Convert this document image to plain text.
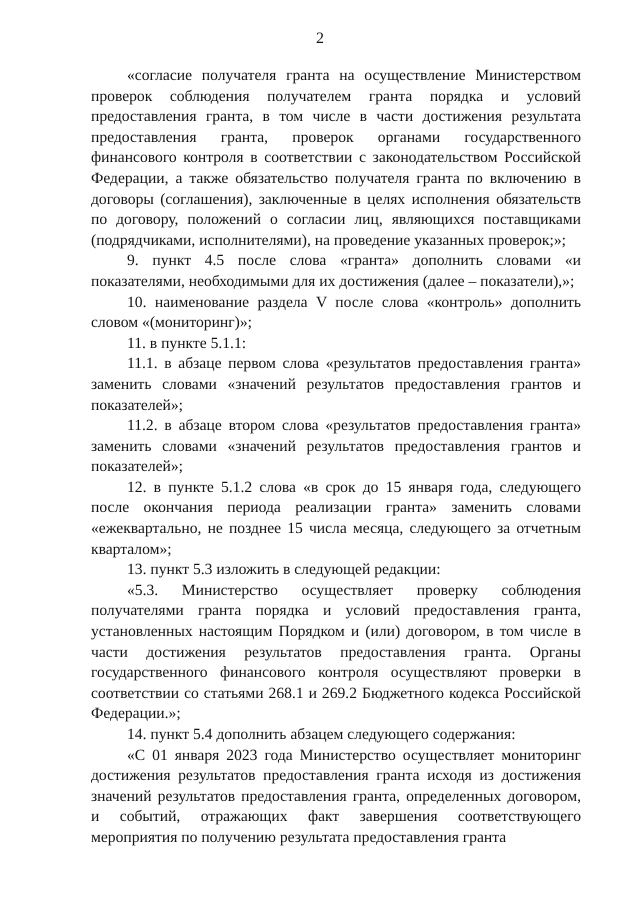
2

«согласие получателя гранта на осуществление Министерством проверок соблюдения получателем гранта порядка и условий предоставления гранта, в том числе в части достижения результата предоставления гранта, проверок органами государственного финансового контроля в соответствии с законодательством Российской Федерации, а также обязательство получателя гранта по включению в договоры (соглашения), заключенные в целях исполнения обязательств по договору, положений о согласии лиц, являющихся поставщиками (подрядчиками, исполнителями), на проведение указанных проверок;»;

9. пункт 4.5 после слова «гранта» дополнить словами «и показателями, необходимыми для их достижения (далее – показатели),»;

10. наименование раздела V после слова «контроль» дополнить словом «(мониторинг)»;

11. в пункте 5.1.1:

11.1. в абзаце первом слова «результатов предоставления гранта» заменить словами «значений результатов предоставления грантов и показателей»;

11.2. в абзаце втором слова «результатов предоставления гранта» заменить словами «значений результатов предоставления грантов и показателей»;

12. в пункте 5.1.2 слова «в срок до 15 января года, следующего после окончания периода реализации гранта» заменить словами «ежеквартально, не позднее 15 числа месяца, следующего за отчетным кварталом»;

13. пункт 5.3 изложить в следующей редакции:

«5.3. Министерство осуществляет проверку соблюдения получателями гранта порядка и условий предоставления гранта, установленных настоящим Порядком и (или) договором, в том числе в части достижения результатов предоставления гранта. Органы государственного финансового контроля осуществляют проверки в соответствии со статьями 268.1 и 269.2 Бюджетного кодекса Российской Федерации.»;

14. пункт 5.4 дополнить абзацем следующего содержания:

«С 01 января 2023 года Министерство осуществляет мониторинг достижения результатов предоставления гранта исходя из достижения значений результатов предоставления гранта, определенных договором, и событий, отражающих факт завершения соответствующего мероприятия по получению результата предоставления гранта
